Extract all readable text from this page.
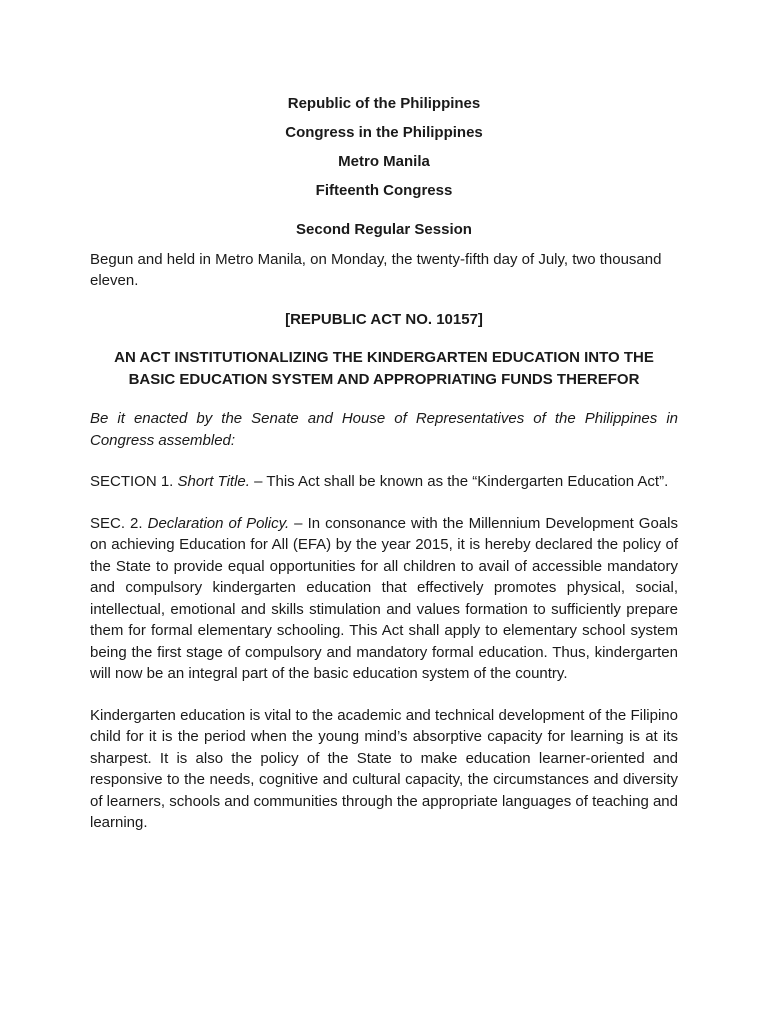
Republic of the Philippines

Congress in the Philippines

Metro Manila

Fifteenth Congress

Second Regular Session

Begun and held in Metro Manila, on Monday, the twenty-fifth day of July, two thousand eleven.

[REPUBLIC ACT NO. 10157]

AN ACT INSTITUTIONALIZING THE KINDERGARTEN EDUCATION INTO THE BASIC EDUCATION SYSTEM AND APPROPRIATING FUNDS THEREFOR

Be it enacted by the Senate and House of Representatives of the Philippines in Congress assembled:

SECTION 1. Short Title. – This Act shall be known as the “Kindergarten Education Act”.

SEC. 2. Declaration of Policy. – In consonance with the Millennium Development Goals on achieving Education for All (EFA) by the year 2015, it is hereby declared the policy of the State to provide equal opportunities for all children to avail of accessible mandatory and compulsory kindergarten education that effectively promotes physical, social, intellectual, emotional and skills stimulation and values formation to sufficiently prepare them for formal elementary schooling. This Act shall apply to elementary school system being the first stage of compulsory and mandatory formal education. Thus, kindergarten will now be an integral part of the basic education system of the country.

Kindergarten education is vital to the academic and technical development of the Filipino child for it is the period when the young mind’s absorptive capacity for learning is at its sharpest. It is also the policy of the State to make education learner-oriented and responsive to the needs, cognitive and cultural capacity, the circumstances and diversity of learners, schools and communities through the appropriate languages of teaching and learning.
